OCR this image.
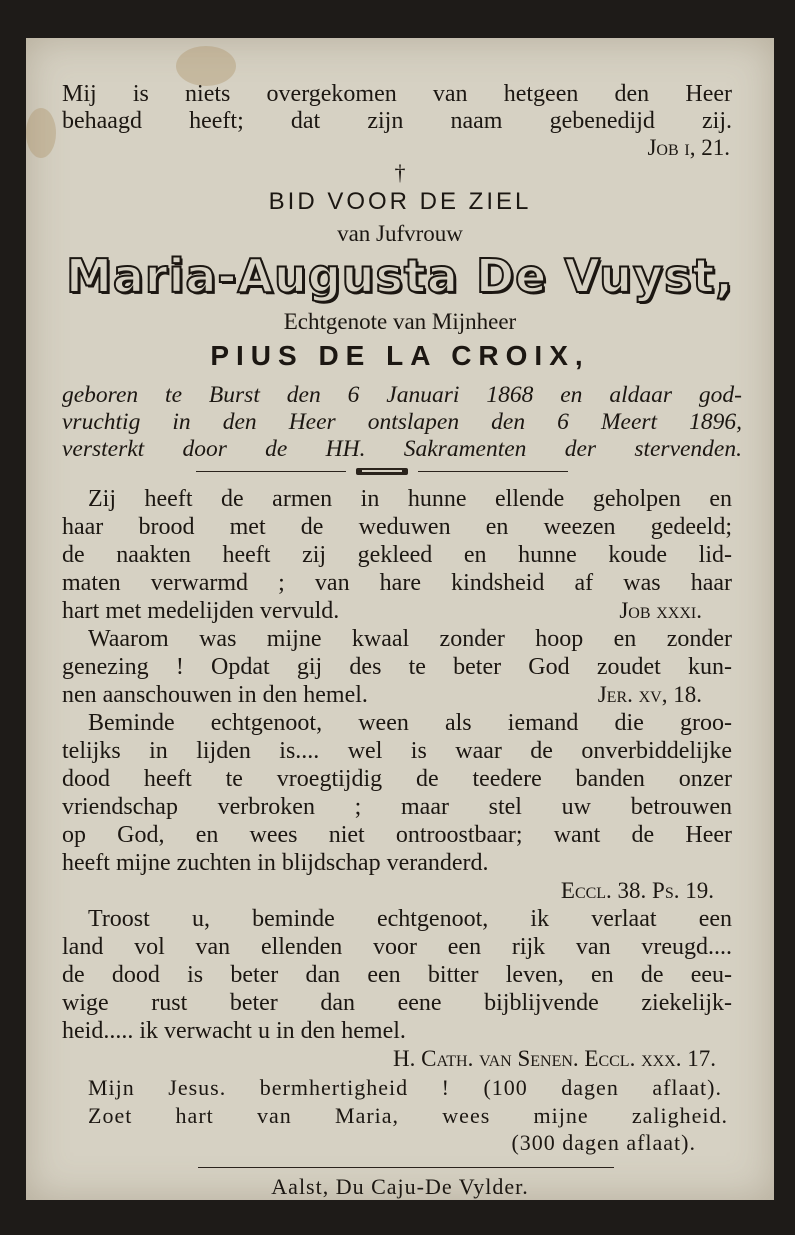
Mij is niets overgekomen van hetgeen den Heer

behaagd heeft; dat zijn naam gebenedijd zij.

Job i, 21.

†

BID VOOR DE ZIEL

van Jufvrouw

Maria-Augusta De Vuyst,

Echtgenote van Mijnheer

PIUS DE LA CROIX,

geboren te Burst den 6 Januari 1868 en aldaar god-

vruchtig in den Heer ontslapen den 6 Meert 1896,

versterkt door de HH. Sakramenten der stervenden.

Zij heeft de armen in hunne ellende geholpen en

haar brood met de weduwen en weezen gedeeld;

de naakten heeft zij gekleed en hunne koude lid-

maten verwarmd ; van hare kindsheid af was haar

hart met medelijden vervuld.	Job xxxi.

Waarom was mijne kwaal zonder hoop en zonder

genezing ! Opdat gij des te beter God zoudet kun-

nen aanschouwen in den hemel.	Jer. xv, 18.

Beminde echtgenoot, ween als iemand die groo-

telijks in lijden is.... wel is waar de onverbiddelijke

dood heeft te vroegtijdig de teedere banden onzer

vriendschap verbroken ; maar stel uw betrouwen

op God, en wees niet ontroostbaar; want de Heer

heeft mijne zuchten in blijdschap veranderd.

Eccl. 38. Ps. 19.

Troost u, beminde echtgenoot, ik verlaat een

land vol van ellenden voor een rijk van vreugd....

de dood is beter dan een bitter leven, en de eeu-

wige rust beter dan eene bijblijvende ziekelijk-

heid..... ik verwacht u in den hemel.

H. Cath. van Senen. Eccl. xxx. 17.

Mijn Jesus. bermhertigheid ! (100 dagen aflaat).

Zoet hart van Maria, wees mijne zaligheid.

(300 dagen aflaat).

Aalst, Du Caju-De Vylder.
